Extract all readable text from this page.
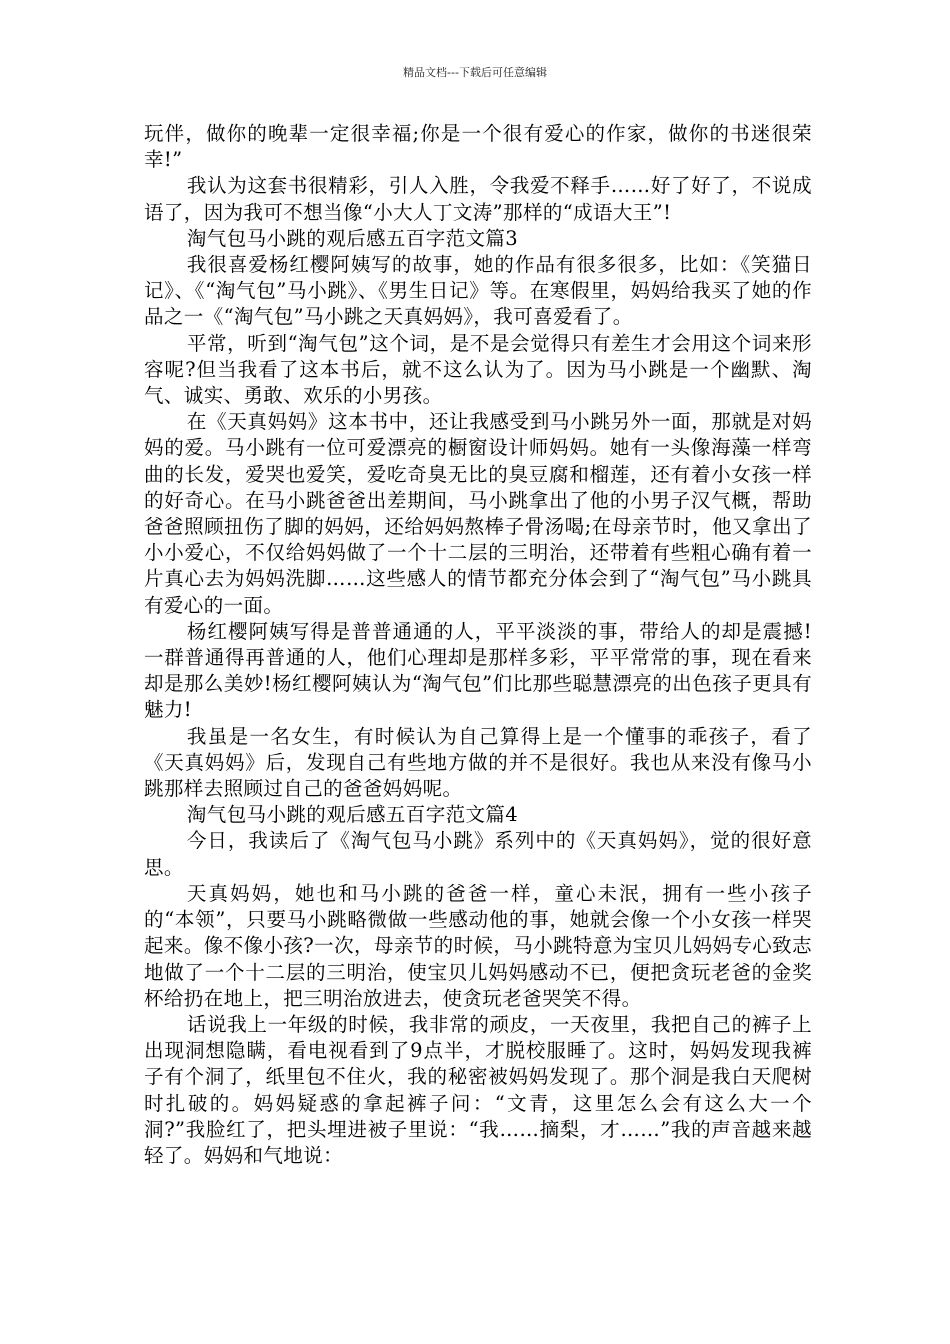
精品文档---下载后可任意编辑

玩伴，做你的晚辈一定很幸福;你是一个很有爱心的作家，做你的书迷很荣幸!”

我认为这套书很精彩，引人入胜，令我爱不释手……好了好了，不说成语了，因为我可不想当像“小大人丁文涛”那样的“成语大王”!

淘气包马小跳的观后感五百字范文篇3

我很喜爱杨红樱阿姨写的故事，她的作品有很多很多，比如：《笑猫日记》、《“淘气包”马小跳》、《男生日记》等。在寒假里，妈妈给我买了她的作品之一《“淘气包”马小跳之天真妈妈》，我可喜爱看了。

平常，听到“淘气包”这个词，是不是会觉得只有差生才会用这个词来形容呢?但当我看了这本书后，就不这么认为了。因为马小跳是一个幽默、淘气、诚实、勇敢、欢乐的小男孩。

在《天真妈妈》这本书中，还让我感受到马小跳另外一面，那就是对妈妈的爱。马小跳有一位可爱漂亮的橱窗设计师妈妈。她有一头像海藻一样弯曲的长发，爱哭也爱笑，爱吃奇臭无比的臭豆腐和榴莲，还有着小女孩一样的好奇心。在马小跳爸爸出差期间，马小跳拿出了他的小男子汉气概，帮助爸爸照顾扭伤了脚的妈妈，还给妈妈熬棒子骨汤喝;在母亲节时，他又拿出了小小爱心，不仅给妈妈做了一个十二层的三明治，还带着有些粗心确有着一片真心去为妈妈洗脚……这些感人的情节都充分体会到了“淘气包”马小跳具有爱心的一面。

杨红樱阿姨写得是普普通通的人，平平淡淡的事，带给人的却是震撼!一群普通得再普通的人，他们心理却是那样多彩，平平常常的事，现在看来却是那么美妙!杨红樱阿姨认为“淘气包”们比那些聪慧漂亮的出色孩子更具有魅力!

我虽是一名女生，有时候认为自己算得上是一个懂事的乖孩子，看了《天真妈妈》后，发现自己有些地方做的并不是很好。我也从来没有像马小跳那样去照顾过自己的爸爸妈妈呢。

淘气包马小跳的观后感五百字范文篇4

今日，我读后了《淘气包马小跳》系列中的《天真妈妈》，觉的很好意思。

天真妈妈，她也和马小跳的爸爸一样，童心未泯，拥有一些小孩子的“本领”，只要马小跳略微做一些感动他的事，她就会像一个小女孩一样哭起来。像不像小孩?一次，母亲节的时候，马小跳特意为宝贝儿妈妈专心致志地做了一个十二层的三明治，使宝贝儿妈妈感动不已，便把贪玩老爸的金奖杯给扔在地上，把三明治放进去，使贪玩老爸哭笑不得。

话说我上一年级的时候，我非常的顽皮，一天夜里，我把自己的裤子上出现洞想隐瞒，看电视看到了9点半，才脱校服睡了。这时，妈妈发现我裤子有个洞了，纸里包不住火，我的秘密被妈妈发现了。那个洞是我白天爬树时扎破的。妈妈疑惑的拿起裤子问：“文青，这里怎么会有这么大一个洞?”我脸红了，把头埋进被子里说：“我……摘梨，才……”我的声音越来越轻了。妈妈和气地说：
